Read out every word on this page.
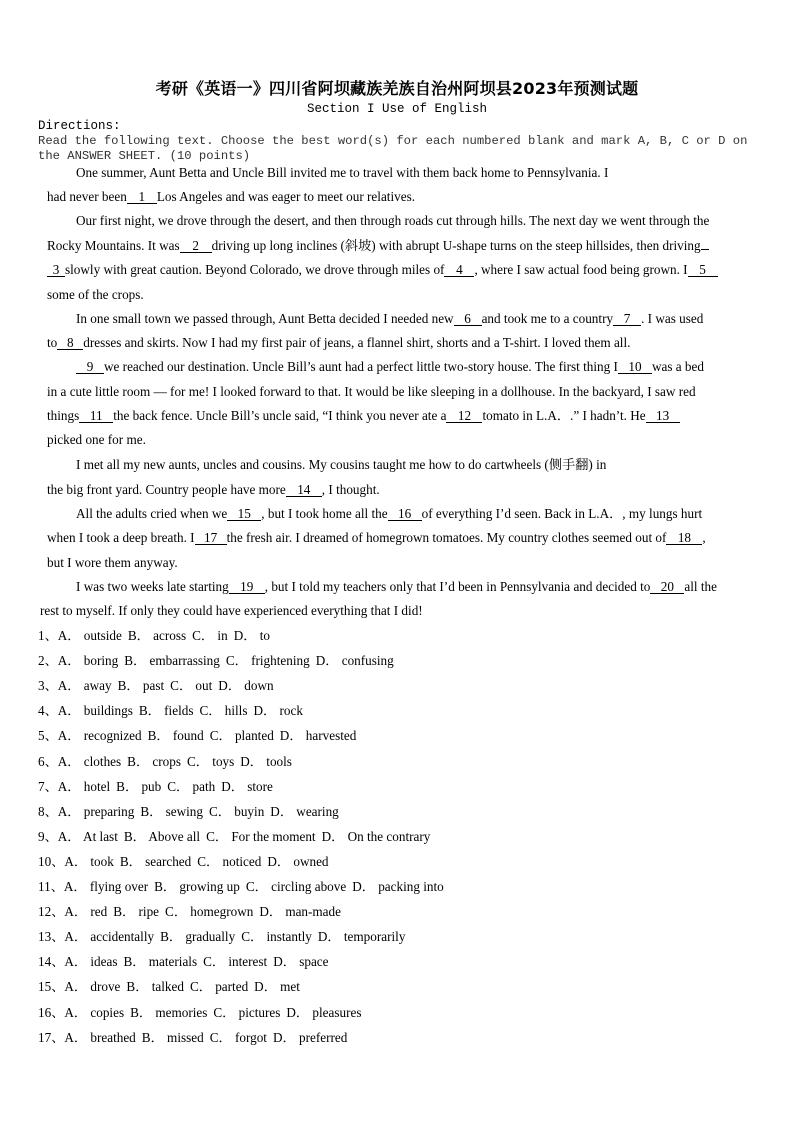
考研《英语一》四川省阿坝藏族羌族自治州阿坝县2023年预测试题
Section I Use of English
Directions:
Read the following text. Choose the best word(s) for each numbered blank and mark A, B, C or D on the ANSWER SHEET. (10 points)
One summer, Aunt Betta and Uncle Bill invited me to travel with them back home to Pennsylvania. I
had never been 1 Los Angeles and was eager to meet our relatives.
Our first night, we drove through the desert, and then through roads cut through hills. The next day we went through the
Rocky Mountains. It was 2 driving up long inclines (斜坡) with abrupt U-shape turns on the steep hillsides, then driving
3 slowly with great caution. Beyond Colorado, we drove through miles of 4 , where I saw actual food being grown. I 5
some of the crops.
In one small town we passed through, Aunt Betta decided I needed new 6 and took me to a country 7 . I was used
to 8 dresses and skirts. Now I had my first pair of jeans, a flannel shirt, shorts and a T-shirt. I loved them all.
9 we reached our destination. Uncle Bill’s aunt had a perfect little two-story house. The first thing I 10 was a bed
in a cute little room — for me! I looked forward to that. It would be like sleeping in a dollhouse. In the backyard, I saw red
things 11 the back fence. Uncle Bill’s uncle said, “I think you never ate a 12 tomato in L.A．.” I hadn’t. He 13
picked one for me.
I met all my new aunts, uncles and cousins. My cousins taught me how to do cartwheels (侧手翻) in
the big front yard. Country people have more 14 , I thought.
All the adults cried when we 15 , but I took home all the 16 of everything I’d seen. Back in L.A．, my lungs hurt
when I took a deep breath. I 17 the fresh air. I dreamed of homegrown tomatoes. My country clothes seemed out of 18 ,
but I wore them anyway.
I was two weeks late starting 19 , but I told my teachers only that I’d been in Pennsylvania and decided to 20 all the
rest to myself. If only they could have experienced everything that I did!
1、A． outside B． across C． in D． to
2、A． boring B． embarrassing C． frightening D． confusing
3、A． away B． past C． out D． down
4、A． buildings B． fields C． hills D． rock
5、A． recognized B． found C． planted D． harvested
6、A． clothes B． crops C． toys D． tools
7、A． hotel B． pub C． path D． store
8、A． preparing B． sewing C． buyin D． wearing
9、A． At last B． Above all C． For the moment D． On the contrary
10、A． took B． searched C． noticed D． owned
11、A． flying over B． growing up C． circling above D． packing into
12、A． red B． ripe C． homegrown D． man-made
13、A． accidentally B． gradually C． instantly D． temporarily
14、A． ideas B． materials C． interest D． space
15、A． drove B． talked C． parted D． met
16、A． copies B． memories C． pictures D． pleasures
17、A． breathed B． missed C． forgot D． preferred
